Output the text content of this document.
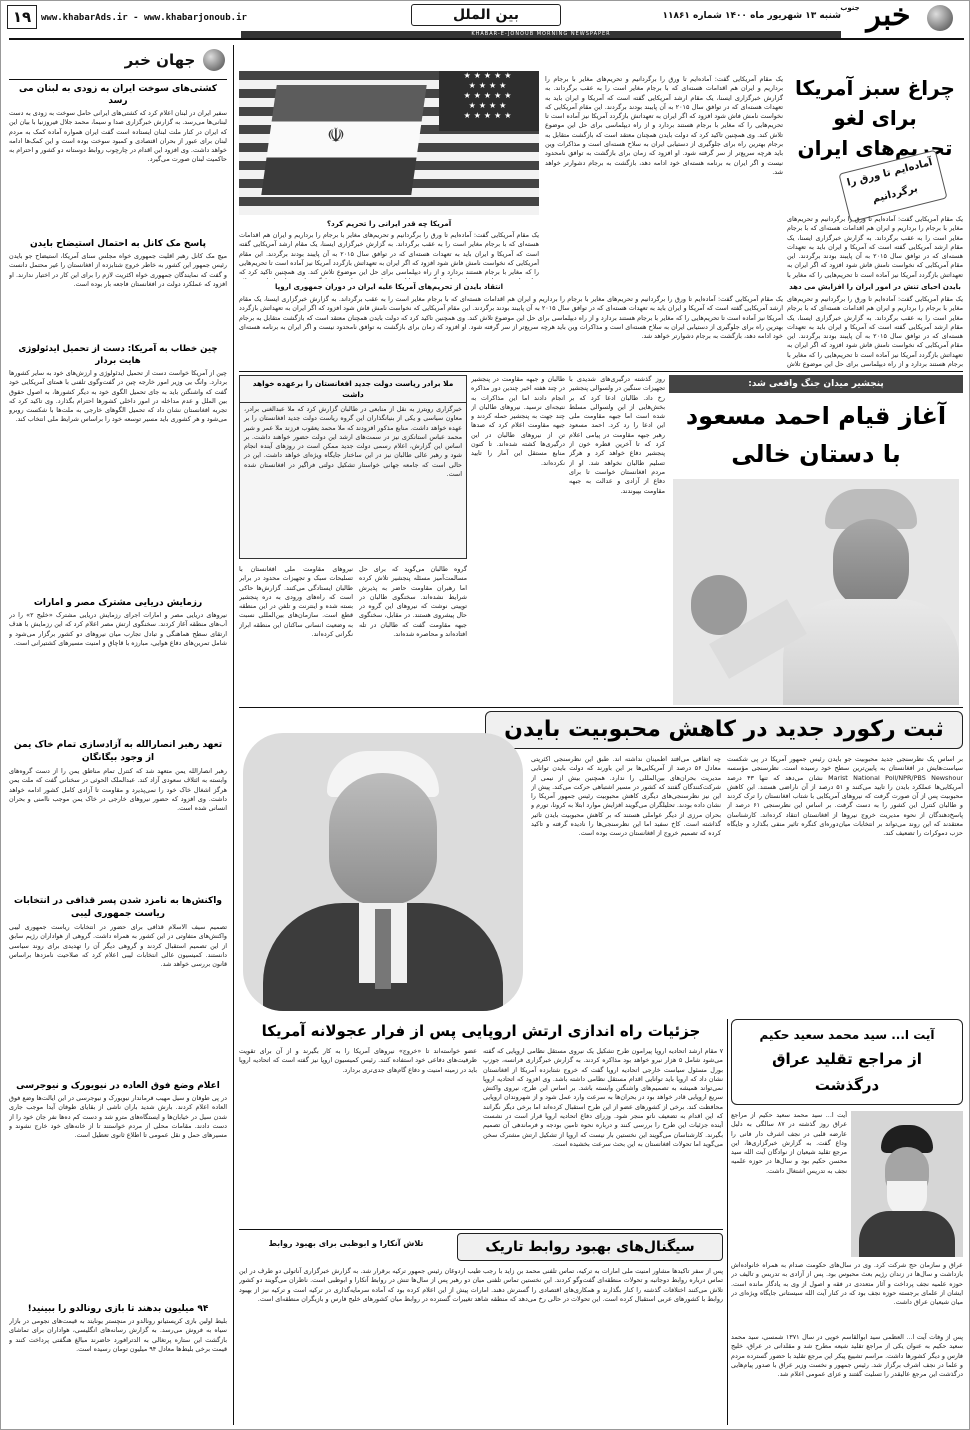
خبر
جنوب
شنبه ۱۳ شهریور ماه ۱۴۰۰ شماره ۱۱۸۶۱
بین الملل
www.khabarAds.ir - www.khabarjonoub.ir
۱۹
KHABAR-E-JONOUB MORNING NEWSPAPER
جهان خبر
کشتی‌های سوخت ایران به زودی به لبنان می رسد
سفیر ایران در لبنان اعلام کرد که کشتی‌های ایرانی حامل سوخت به زودی به دست لبنانی‌ها می‌رسد. به گزارش خبرگزاری صدا و سیما، محمد جلال فیروزنیا با بیان این که ایران در کنار ملت لبنان ایستاده است گفت ایران همواره آماده کمک به مردم لبنان برای عبور از بحران اقتصادی و کمبود سوخت بوده است و این کمک‌ها ادامه خواهد داشت. وی افزود این اقدام در چارچوب روابط دوستانه دو کشور و احترام به حاکمیت لبنان صورت می‌گیرد.
پاسخ مک کانل به احتمال استیضاح بایدن
میچ مک کانل رهبر اقلیت جمهوری خواه مجلس سنای آمریکا، استیضاح جو بایدن رئیس جمهور این کشور به خاطر خروج شتابزده از افغانستان را غیر محتمل دانست و گفت که نمایندگان جمهوری خواه اکثریت لازم را برای این کار در اختیار ندارند. او افزود که عملکرد دولت در افغانستان فاجعه بار بوده است.
چین خطاب به آمریکا: دست از تحمیل ایدئولوژی هایت بردار
چین از آمریکا خواست دست از تحمیل ایدئولوژی و ارزش‌های خود به سایر کشورها بردارد. وانگ یی وزیر امور خارجه چین در گفت‌وگوی تلفنی با همتای آمریکایی خود گفت که واشنگتن باید به جای تحمیل الگوی خود به دیگر کشورها، به اصول حقوق بین الملل و عدم مداخله در امور داخلی کشورها احترام بگذارد. وی تاکید کرد که تجربه افغانستان نشان داد که تحمیل الگوهای خارجی به ملت‌ها با شکست روبرو می‌شود و هر کشوری باید مسیر توسعه خود را براساس شرایط ملی انتخاب کند.
رزمایش دریایی مشترک مصر و امارات
نیروهای دریایی مصر و امارات اجرای رزمایش دریایی مشترک «خلیج ۲» را در آب‌های منطقه آغاز کردند. سخنگوی ارتش مصر اعلام کرد که این رزمایش با هدف ارتقای سطح هماهنگی و تبادل تجارب میان نیروهای دو کشور برگزار می‌شود و شامل تمرین‌های دفاع هوایی، مبارزه با قاچاق و امنیت مسیرهای کشتیرانی است.
تعهد رهبر انصارالله به آزادسازی تمام خاک یمن از وجود بیگانگان
رهبر انصارالله یمن متعهد شد که کنترل تمام مناطق یمن را از دست گروه‌های وابسته به ائتلاف سعودی آزاد کند. عبدالملک الحوثی در سخنانی گفت که ملت یمن هرگز اشغال خاک خود را نمی‌پذیرد و مقاومت تا آزادی کامل کشور ادامه خواهد داشت. وی افزود که حضور نیروهای خارجی در خاک یمن موجب ناامنی و بحران انسانی شده است.
واکنش‌ها به نامزد شدن پسر قذافی در انتخابات ریاست جمهوری لیبی
تصمیم سیف الاسلام قذافی برای حضور در انتخابات ریاست جمهوری لیبی واکنش‌های متفاوتی در این کشور به همراه داشت. گروهی از هواداران رژیم سابق از این تصمیم استقبال کردند و گروهی دیگر آن را تهدیدی برای روند سیاسی دانستند. کمیسیون عالی انتخابات لیبی اعلام کرد که صلاحیت نامزدها براساس قانون بررسی خواهد شد.
اعلام وضع فوق العاده در نیویورک و نیوجرسی
در پی طوفان و سیل مهیب فرماندار نیویورک و نیوجرسی در این ایالت‌ها وضع فوق العاده اعلام کردند. بارش شدید باران ناشی از بقایای طوفان آیدا موجب جاری شدن سیل در خیابان‌ها و ایستگاه‌های مترو شد و دست کم ده‌ها نفر جان خود را از دست دادند. مقامات محلی از مردم خواستند تا از خانه‌های خود خارج نشوند و مسیرهای حمل و نقل عمومی تا اطلاع ثانوی تعطیل است.
۹۴ میلیون بدهند تا بازی رونالدو را ببینید!
بلیط اولین بازی کریستیانو رونالدو در منچستر یونایتد به قیمت‌های نجومی در بازار سیاه به فروش می‌رسد. به گزارش رسانه‌های انگلیسی، هواداران برای تماشای بازگشت این ستاره پرتغالی به الدترافورد حاضرند مبالغ هنگفتی پرداخت کنند و قیمت برخی بلیط‌ها معادل ۹۴ میلیون تومان رسیده است.
چراغ سبز آمریکا برای لغو تحریم‌های ایران
آماده‌ایم تا ورق را برگردانیم
☫
★★★★★
★★★★
★★★★★
★★★★
★★★★★
یک مقام آمریکایی گفت: آماده‌ایم تا ورق را برگردانیم و تحریم‌های مغایر با برجام را برداریم و ایران هم اقدامات هسته‌ای که با برجام مغایر است را به عقب برگرداند. به گزارش خبرگزاری ایسنا، یک مقام ارشد آمریکایی گفته است که آمریکا و ایران باید به تعهدات هسته‌ای که در توافق سال ۲۰۱۵ به آن پایبند بودند برگردند. این مقام آمریکایی که نخواست نامش فاش شود افزود که اگر ایران به تعهداتش بازگردد آمریکا نیز آماده است تا تحریم‌هایی را که مغایر با برجام هستند بردارد و از راه دیپلماسی برای حل این موضوع تلاش کند. وی همچنین تاکید کرد که دولت بایدن همچنان معتقد است که بازگشت متقابل به برجام بهترین راه برای جلوگیری از دستیابی ایران به سلاح هسته‌ای است و مذاکرات وین باید هرچه سریع‌تر از سر گرفته شود. او افزود که زمان برای بازگشت به توافق نامحدود نیست و اگر ایران به برنامه هسته‌ای خود ادامه دهد، بازگشت به برجام دشوارتر خواهد شد.
آمریکا چه قدر ایرانی را تحریم کرد؟
یک مقام آمریکایی گفت: آماده‌ایم تا ورق را برگردانیم و تحریم‌های مغایر با برجام را برداریم و ایران هم اقدامات هسته‌ای که با برجام مغایر است را به عقب برگرداند. به گزارش خبرگزاری ایسنا، یک مقام ارشد آمریکایی گفته است که آمریکا و ایران باید به تعهدات هسته‌ای که در توافق سال ۲۰۱۵ به آن پایبند بودند برگردند. این مقام آمریکایی که نخواست نامش فاش شود افزود که اگر ایران به تعهداتش بازگردد آمریکا نیز آماده است تا تحریم‌هایی را که مغایر با برجام هستند بردارد و از راه دیپلماسی برای حل این موضوع تلاش کند. وی همچنین تاکید کرد که
انتقاد بایدن از تحریم‌های آمریکا علیه ایران در دوران جمهوری اروپا
یک مقام آمریکایی گفت: آماده‌ایم تا ورق را برگردانیم و تحریم‌های مغایر با برجام را برداریم و ایران هم اقدامات هسته‌ای که با برجام مغایر است را به عقب برگرداند. به گزارش خبرگزاری ایسنا، یک مقام ارشد آمریکایی گفته است که آمریکا و ایران باید به تعهدات هسته‌ای که در توافق سال ۲۰۱۵ به آن پایبند بودند برگردند. این مقام آمریکایی که نخواست نامش فاش شود افزود که اگر ایران به تعهداتش بازگردد آمریکا نیز آماده است تا تحریم‌هایی را که مغایر با برجام هستند بردارد و از راه دیپلماسی برای حل این موضوع تلاش کند. وی همچنین تاکید کرد که دولت بایدن همچنان معتقد است که بازگشت متقابل به برجام بهترین راه برای جلوگیری از دستیابی ایران به سلاح هسته‌ای است و مذاکرات وین باید هرچه سریع‌تر از سر گرفته شود. او افزود که زمان برای بازگشت به توافق نامحدود نیست و اگر ایران به برنامه هسته‌ای خود ادامه دهد، بازگشت به برجام دشوارتر خواهد شد.
یک مقام آمریکایی گفت: آماده‌ایم تا ورق را برگردانیم و تحریم‌های مغایر با برجام را برداریم و ایران هم اقدامات هسته‌ای که با برجام مغایر است را به عقب برگرداند. به گزارش خبرگزاری ایسنا، یک مقام ارشد آمریکایی گفته است که آمریکا و ایران باید به تعهدات هسته‌ای که در توافق سال ۲۰۱۵ به آن پایبند بودند برگردند. این مقام آمریکایی که نخواست نامش فاش شود افزود که اگر ایران به تعهداتش بازگردد آمریکا نیز آماده است تا تحریم‌هایی را که مغایر با
بایدن احیای تنش در امور ایران را افزایش می دهد
یک مقام آمریکایی گفت: آماده‌ایم تا ورق را برگردانیم و تحریم‌های مغایر با برجام را برداریم و ایران هم اقدامات هسته‌ای که با برجام مغایر است را به عقب برگرداند. به گزارش خبرگزاری ایسنا، یک مقام ارشد آمریکایی گفته است که آمریکا و ایران باید به تعهدات هسته‌ای که در توافق سال ۲۰۱۵ به آن پایبند بودند برگردند. این مقام آمریکایی که نخواست نامش فاش شود افزود که اگر ایران به تعهداتش بازگردد آمریکا نیز آماده است تا تحریم‌هایی را که مغایر با برجام هستند بردارد و از راه دیپلماسی برای حل این موضوع تلاش
پنجشیر میدان جنگ واقعی شد:
آغاز قیام احمد مسعود
با دستان خالی
روز گذشته درگیری‌های شدیدی با تجهیزات سنگین در ولسوالی پنجشیر رخ داد. طالبان ادعا کرد که بر بخش‌هایی از این ولسوالی مسلط شده است اما جبهه مقاومت ملی این ادعا را رد کرد. احمد مسعود رهبر جبهه مقاومت در پیامی اعلام کرد که تا آخرین قطره خون از پنجشیر دفاع خواهد کرد و هرگز تسلیم طالبان نخواهد شد. او از مردم افغانستان خواست تا برای دفاع از آزادی و عدالت به جبهه مقاومت بپیوندند.
طالبان و جبهه مقاومت در پنجشیر در چند هفته اخیر چندین دور مذاکره انجام دادند اما این مذاکرات به نتیجه‌ای نرسید. نیروهای طالبان از چند جهت به پنجشیر حمله کردند و جبهه مقاومت اعلام کرد که صدها تن از نیروهای طالبان در این درگیری‌ها کشته شده‌اند. تا کنون منابع مستقل این آمار را تایید نکرده‌اند.
ملا برادر ریاست دولت جدید افغانستان را برعهده خواهد داشت
خبرگزاری رویترز به نقل از منابعی در طالبان گزارش کرد که ملا عبدالغنی برادر، معاون سیاسی و یکی از بنیانگذاران این گروه ریاست دولت جدید افغانستان را بر عهده خواهد داشت. منابع مذکور افزودند که ملا محمد یعقوب فرزند ملا عمر و شیر محمد عباس استانکزی نیز در سمت‌های ارشد این دولت حضور خواهند داشت. بر اساس این گزارش، اعلام رسمی دولت جدید ممکن است در روزهای آینده انجام شود و رهبر عالی طالبان نیز در این ساختار جایگاه ویژه‌ای خواهد داشت. این در حالی است که جامعه جهانی خواستار تشکیل دولتی فراگیر در افغانستان شده است.
گروه طالبان می‌گوید که برای حل مسالمت‌آمیز مسئله پنجشیر تلاش کرده اما رهبران مقاومت حاضر به پذیرش شرایط نشده‌اند. سخنگوی طالبان در توییتی نوشت که نیروهای این گروه در حال پیشروی هستند. در مقابل، سخنگوی جبهه مقاومت گفت که طالبان در تله افتاده‌اند و محاصره شده‌اند.
نیروهای مقاومت ملی افغانستان با تسلیحات سبک و تجهیزات محدود در برابر طالبان ایستادگی می‌کنند. گزارش‌ها حاکی است که راه‌های ورودی به دره پنجشیر بسته شده و اینترنت و تلفن در این منطقه قطع است. سازمان‌های بین‌المللی نسبت به وضعیت انسانی ساکنان این منطقه ابراز نگرانی کرده‌اند.
ثبت رکورد جدید در کاهش محبوبیت بایدن
بر اساس یک نظرسنجی جدید محبوبیت جو بایدن رئیس جمهور آمریکا در پی شکست سیاست‌هایش در افغانستان به پایین‌ترین سطح خود رسیده است. نظرسنجی مؤسسه Marist National Poll/NPR/PBS Newshour نشان می‌دهد که تنها ۴۳ درصد آمریکایی‌ها عملکرد بایدن را تایید می‌کنند و ۵۱ درصد از آن ناراضی هستند. این کاهش محبوبیت پس از آن صورت گرفت که نیروهای آمریکایی با شتاب افغانستان را ترک کردند و طالبان کنترل این کشور را به دست گرفت. بر اساس این نظرسنجی ۶۱ درصد از پاسخ‌دهندگان از نحوه مدیریت خروج نیروها از افغانستان انتقاد کرده‌اند. کارشناسان معتقدند که این روند می‌تواند بر انتخابات میان‌دوره‌ای کنگره تاثیر منفی بگذارد و جایگاه حزب دموکرات را تضعیف کند.
چه اتفاقی می‌افتد اطمینان نداشته اند. طبق این نظرسنجی اکثریتی معادل ۵۶ درصد از آمریکایی‌ها بر این باورند که دولت بایدن توانایی مدیریت بحران‌های بین‌المللی را ندارد. همچنین بیش از نیمی از شرکت‌کنندگان گفتند که کشور در مسیر اشتباهی حرکت می‌کند. پیش از این نیز نظرسنجی‌های دیگری کاهش محبوبیت رئیس جمهور آمریکا را نشان داده بودند. تحلیلگران می‌گویند افزایش موارد ابتلا به کرونا، تورم و بحران مرزی از دیگر عواملی هستند که بر کاهش محبوبیت بایدن تاثیر گذاشته است. کاخ سفید اما این نظرسنجی‌ها را نادیده گرفته و تاکید کرده که تصمیم خروج از افغانستان درست بوده است.
آیت ا... سید محمد سعید حکیم
از مراجع تقلید عراق
درگذشت
آیت ا... سید محمد سعید حکیم از مراجع عراق روز گذشته در ۸۷ سالگی به دلیل عارضه قلبی در نجف اشرف دار فانی را وداع گفت. به گزارش خبرگزاری‌ها، این مرجع تقلید شیعیان از نوادگان آیت الله سید محسن حکیم بود و سال‌ها در حوزه علمیه نجف به تدریس اشتغال داشت.
عراق و سازمان حج شرکت کرد. وی در سال‌های حکومت صدام به همراه خانواده‌اش بازداشت و سال‌ها در زندان رژیم بعث محبوس بود. پس از آزادی به تدریس و تالیف در حوزه علمیه نجف پرداخت و آثار متعددی در فقه و اصول از وی به یادگار مانده است. ایشان از علمای برجسته حوزه نجف بود که در کنار آیت الله سیستانی جایگاه ویژه‌ای در میان شیعیان عراق داشت.
پس از وفات آیت ا... العظمی سید ابوالقاسم خویی در سال ۱۳۷۱ شمسی، سید محمد سعید حکیم به عنوان یکی از مراجع تقلید شیعه مطرح شد و مقلدانی در عراق، خلیج فارس و دیگر کشورها داشت. مراسم تشییع پیکر این مرجع تقلید با حضور گسترده مردم و علما در نجف اشرف برگزار شد. رئیس جمهور و نخست وزیر عراق با صدور پیام‌هایی درگذشت این مرجع عالیقدر را تسلیت گفتند و عزای عمومی اعلام شد.
جزئیات راه اندازی ارتش اروپایی پس از فرار عجولانه آمریکا
۷ مقام ارشد اتحادیه اروپا پیرامون طرح تشکیل یک نیروی مستقل نظامی اروپایی که گفته می‌شود شامل ۵ هزار نیرو خواهد بود مذاکره کردند. به گزارش خبرگزاری فرانسه، جوزپ بورل مسئول سیاست خارجی اتحادیه اروپا گفت که خروج شتابزده آمریکا از افغانستان نشان داد که اروپا باید توانایی اقدام مستقل نظامی داشته باشد. وی افزود که اتحادیه اروپا نمی‌تواند همیشه به تصمیم‌های واشنگتن وابسته باشد. بر اساس این طرح، نیروی واکنش سریع اروپایی قادر خواهد بود در بحران‌ها به سرعت وارد عمل شود و از شهروندان اروپایی محافظت کند. برخی از کشورهای عضو از این طرح استقبال کرده‌اند اما برخی دیگر نگرانند که این اقدام به تضعیف ناتو منجر شود. وزرای دفاع اتحادیه اروپا قرار است در نشست آینده جزئیات این طرح را بررسی کنند و درباره نحوه تامین بودجه و فرماندهی آن تصمیم بگیرند. کارشناسان می‌گویند این نخستین بار نیست که اروپا از تشکیل ارتش مشترک سخن می‌گوید اما تحولات افغانستان به این بحث سرعت بخشیده است.
عضو خواسته‌اند تا «خروج» نیروهای آمریکا را به کار بگیرند و از آن برای تقویت ظرفیت‌های دفاعی خود استفاده کنند. رئیس کمیسیون اروپا نیز گفته است که اتحادیه اروپا باید در زمینه امنیت و دفاع گام‌های جدی‌تری بردارد.
سیگنال‌های بهبود روابط تاریک
تلاش آنکارا و ابوظبی برای بهبود روابط
پس از سفر تاکید‌ها مشاور امنیت ملی امارات به ترکیه، تماس تلفنی محمد بن زاید با رجب طیب اردوغان رئیس جمهور ترکیه برقرار شد. به گزارش خبرگزاری آناتولی دو طرف در این تماس درباره روابط دوجانبه و تحولات منطقه‌ای گفت‌وگو کردند. این نخستین تماس تلفنی میان دو رهبر پس از سال‌ها تنش در روابط آنکارا و ابوظبی است. ناظران می‌گویند دو کشور تلاش می‌کنند اختلافات گذشته را کنار بگذارند و همکاری‌های اقتصادی را گسترش دهند. امارات پیش از این اعلام کرده بود که آماده سرمایه‌گذاری در ترکیه است و ترکیه نیز از بهبود روابط با کشورهای عربی استقبال کرده است. این تحولات در حالی رخ می‌دهد که منطقه شاهد تغییرات گسترده در روابط میان کشورهای خلیج فارس و بازیگران منطقه‌ای است.
